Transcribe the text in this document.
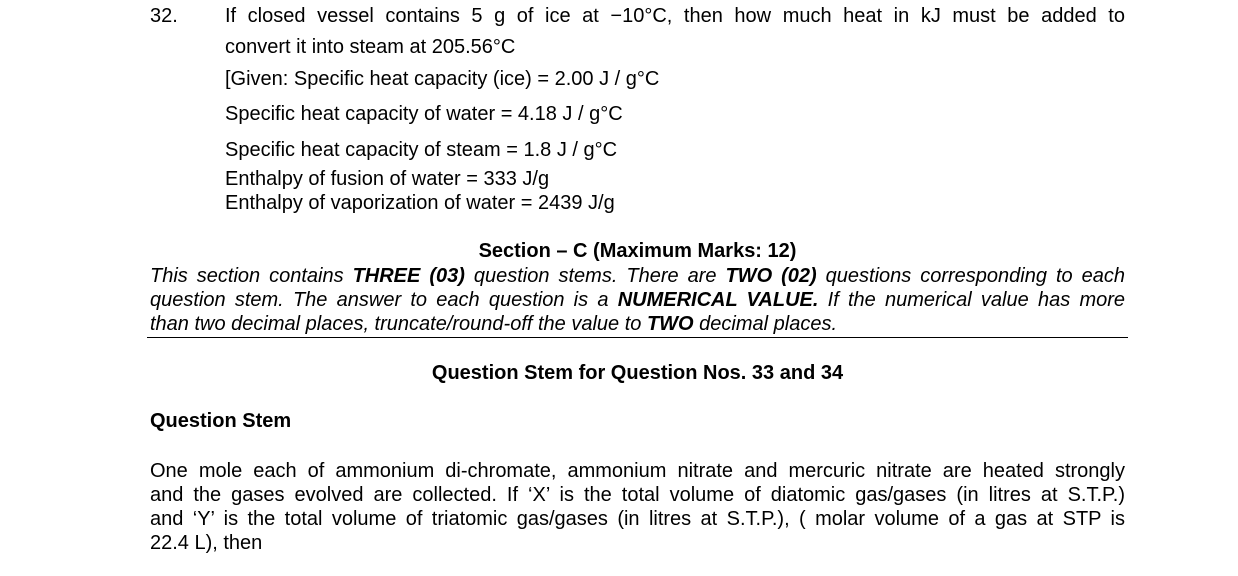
32. If closed vessel contains 5 g of ice at −10°C, then how much heat in kJ must be added to
convert it into steam at 205.56°C
[Given: Specific heat capacity (ice) = 2.00 J / g°C
Specific heat capacity of water = 4.18 J / g°C
Specific heat capacity of steam = 1.8 J / g°C
Enthalpy of fusion of water = 333 J/g
Enthalpy of vaporization of water = 2439 J/g
Section – C (Maximum Marks: 12)
This section contains THREE (03) question stems. There are TWO (02) questions corresponding to each
question stem. The answer to each question is a NUMERICAL VALUE. If the numerical value has more
than two decimal places, truncate/round-off the value to TWO decimal places.
Question Stem for Question Nos. 33 and 34
Question Stem
One mole each of ammonium di-chromate, ammonium nitrate and mercuric nitrate are heated strongly
and the gases evolved are collected. If ‘X’ is the total volume of diatomic gas/gases (in litres at S.T.P.)
and ‘Y’ is the total volume of triatomic gas/gases (in litres at S.T.P.), ( molar volume of a gas at STP is
22.4 L), then
